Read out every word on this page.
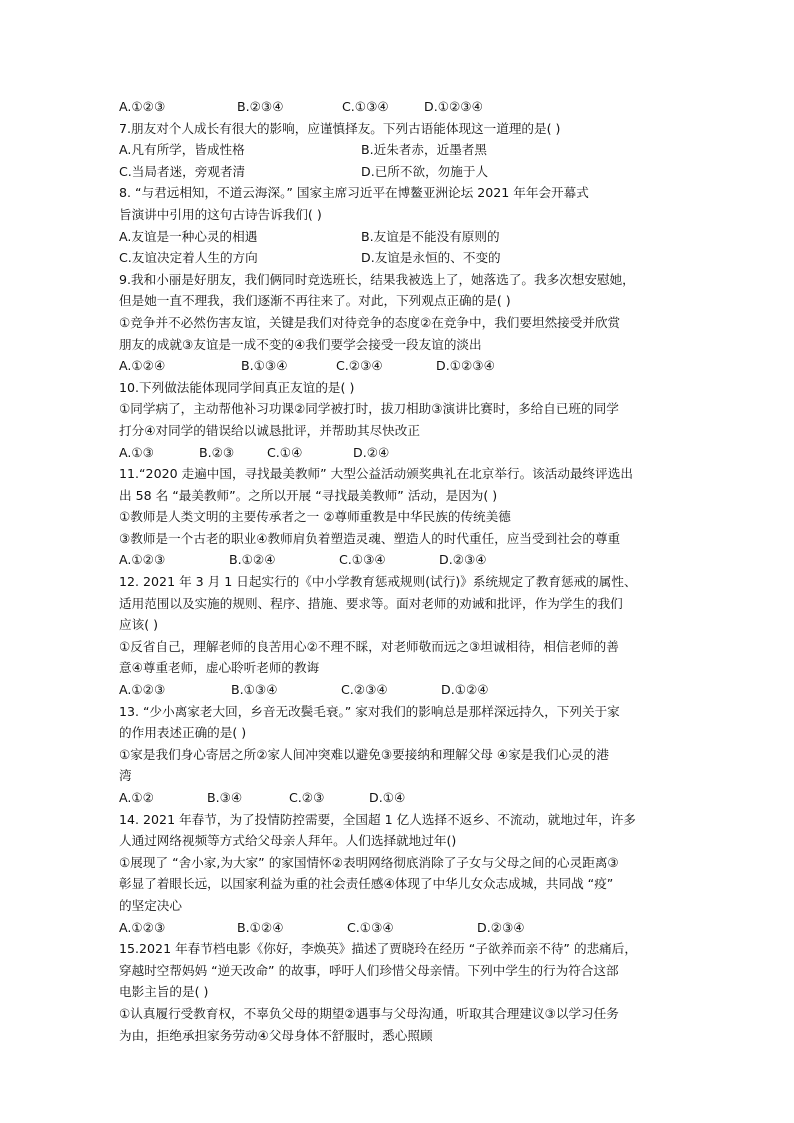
A.①②③	B.②③④	C.①③④	D.①②③④
7.朋友对个人成长有很大的影响，应谨慎择友。下列古语能体现这一道理的是( )
A.凡有所学，皆成性格	B.近朱者赤，近墨者黑
C.当局者迷，旁观者清	D.已所不欲，勿施于人
8. “与君远相知，不道云海深。” 国家主席习近平在博鳌亚洲论坛 2021 年年会开幕式
旨演讲中引用的这句古诗告诉我们( )
A.友谊是一种心灵的相遇	B.友谊是不能没有原则的
C.友谊决定着人生的方向	D.友谊是永恒的、不变的
9.我和小丽是好朋友，我们俩同时竞选班长，结果我被选上了，她落选了。我多次想安慰她，
但是她一直不理我，我们逐渐不再往来了。对此，下列观点正确的是( )
①竞争并不必然伤害友谊，关键是我们对待竞争的态度②在竞争中，我们要坦然接受并欣赏
朋友的成就③友谊是一成不变的④我们要学会接受一段友谊的淡出
A.①②④	B.①③④	C.②③④	D.①②③④
10.下列做法能体现同学间真正友谊的是( )
①同学病了，主动帮他补习功课②同学被打时，拔刀相助③演讲比赛时，多给自已班的同学
打分④对同学的错误给以诚恳批评，并帮助其尽快改正
A.①③	B.②③	C.①④	D.②④
11.“2020 走遍中国，寻找最美教师” 大型公益活动颁奖典礼在北京举行。该活动最终评选出
出 58 名 “最美教师”。之所以开展 “寻找最美教师” 活动，是因为( )
①教师是人类文明的主要传承者之一 ②尊师重教是中华民族的传统美德
③教师是一个古老的职业④教师肩负着塑造灵魂、塑造人的时代重任，应当受到社会的尊重
A.①②③	B.①②④	C.①③④	D.②③④
12. 2021 年 3 月 1 日起实行的《中小学教育惩戒规则(试行)》系统规定了教育惩戒的属性、
适用范围以及实施的规则、程序、措施、要求等。面对老师的劝诫和批评，作为学生的我们
应该( )
①反省自己，理解老师的良苦用心②不理不睬，对老师敬而远之③坦诚相待，相信老师的善
意④尊重老师，虚心聆听老师的教诲
A.①②③	B.①③④	C.②③④	D.①②④
13. “少小离家老大回，乡音无改鬓毛衰。” 家对我们的影响总是那样深远持久，下列关于家
的作用表述正确的是( )
①家是我们身心寄居之所②家人间冲突难以避免③要接纳和理解父母 ④家是我们心灵的港
湾
A.①②	B.③④	C.②③	D.①④
14. 2021 年春节，为了投情防控需要，全国超 1 亿人选择不返乡、不流动，就地过年，许多
人通过网络视频等方式给父母亲人拜年。人们选择就地过年()
①展现了 “舍小家,为大家” 的家国情怀②表明网络彻底消除了子女与父母之间的心灵距离③
彰显了着眼长远，以国家利益为重的社会责任感④体现了中华儿女众志成城，共同战 “疫”
的坚定决心
A.①②③	B.①②④	C.①③④	D.②③④
15.2021 年春节档电影《你好，李焕英》描述了贾晓玲在经历 “子欲养而亲不待” 的悲痛后，
穿越时空帮妈妈 “逆天改命” 的故事，呼吁人们珍惜父母亲情。下列中学生的行为符合这部
电影主旨的是( )
①认真履行受教育权，不辜负父母的期望②遇事与父母沟通，听取其合理建议③以学习任务
为由，拒绝承担家务劳动④父母身体不舒服时，悉心照顾
